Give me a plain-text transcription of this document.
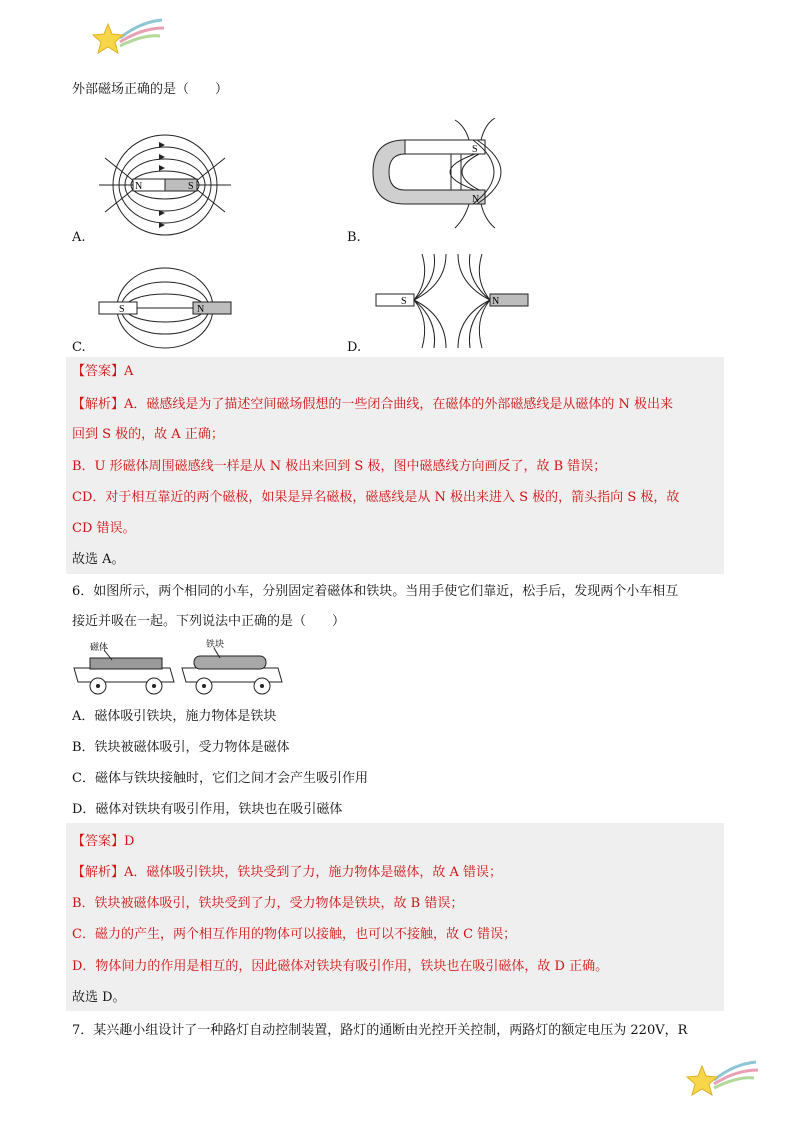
外部磁场正确的是（　　）
N	S
A.
S
N
B.
S	N
C.
S	N
D.
【答案】A
【解析】A．磁感线是为了描述空间磁场假想的一些闭合曲线，在磁体的外部磁感线是从磁体的 N 极出来
回到 S 极的，故 A 正确；
B．U 形磁体周围磁感线一样是从 N 极出来回到 S 极，图中磁感线方向画反了，故 B 错误；
CD．对于相互靠近的两个磁极，如果是异名磁极，磁感线是从 N 极出来进入 S 极的，箭头指向 S 极，故
CD 错误。
故选 A。
6．如图所示，两个相同的小车，分别固定着磁体和铁块。当用手使它们靠近，松手后，发现两个小车相互
接近并吸在一起。下列说法中正确的是（　　）
磁体	铁块
A．磁体吸引铁块，施力物体是铁块
B．铁块被磁体吸引，受力物体是磁体
C．磁体与铁块接触时，它们之间才会产生吸引作用
D．磁体对铁块有吸引作用，铁块也在吸引磁体
【答案】D
【解析】A．磁体吸引铁块，铁块受到了力，施力物体是磁体，故 A 错误；
B．铁块被磁体吸引，铁块受到了力，受力物体是铁块，故 B 错误；
C．磁力的产生，两个相互作用的物体可以接触，也可以不接触，故 C 错误；
D．物体间力的作用是相互的，因此磁体对铁块有吸引作用，铁块也在吸引磁体，故 D 正确。
故选 D。
7．某兴趣小组设计了一种路灯自动控制装置，路灯的通断由光控开关控制，两路灯的额定电压为 220V，R
